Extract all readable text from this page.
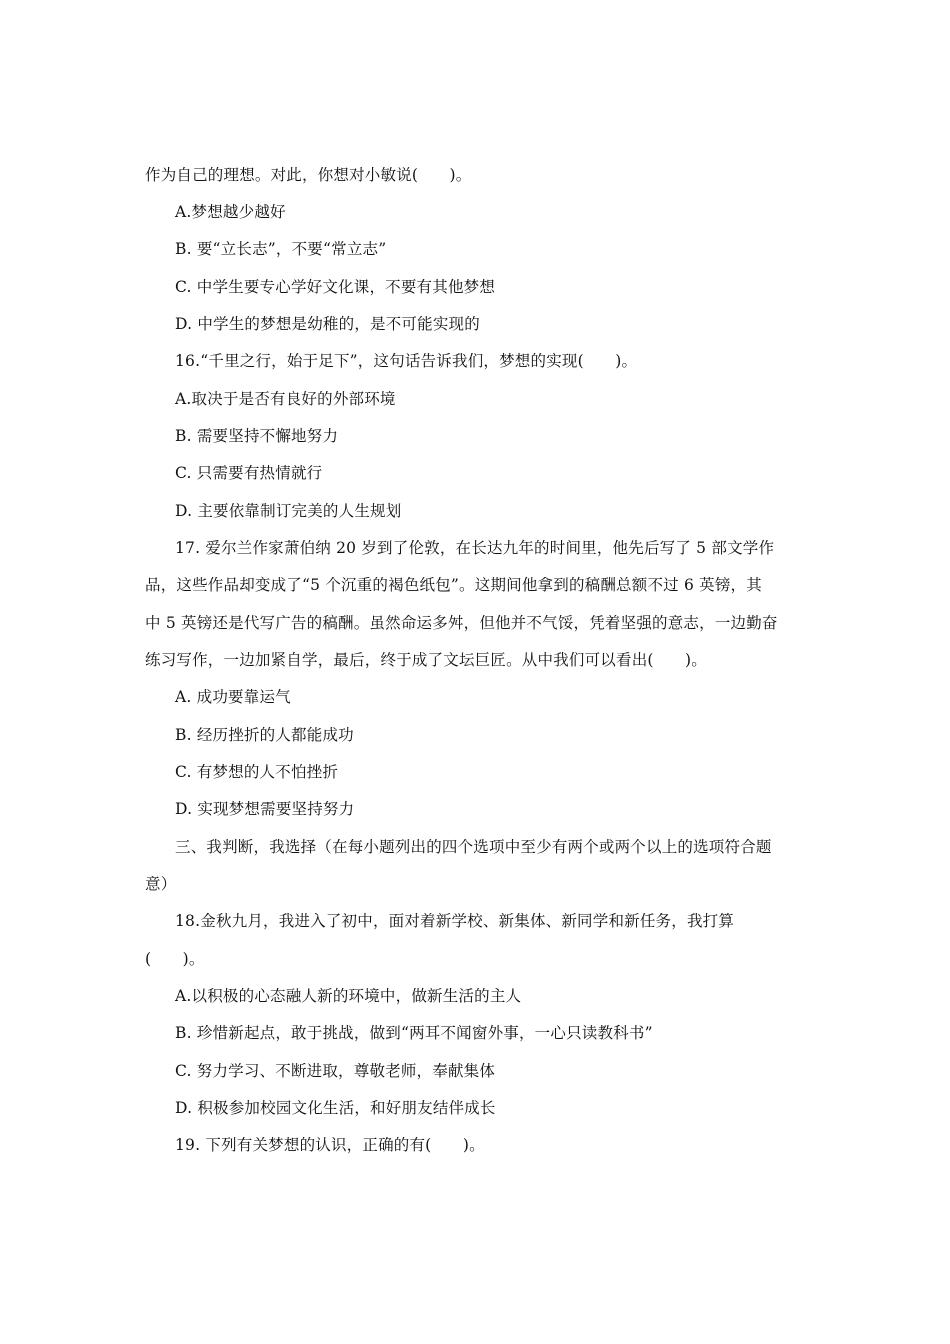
作为自己的理想。对此，你想对小敏说(　　)。
A.梦想越少越好
B. 要“立长志”，不要“常立志”
C. 中学生要专心学好文化课，不要有其他梦想
D. 中学生的梦想是幼稚的，是不可能实现的
16.“千里之行，始于足下”，这句话告诉我们，梦想的实现(　　)。
A.取决于是否有良好的外部环境
B. 需要坚持不懈地努力
C. 只需要有热情就行
D. 主要依靠制订完美的人生规划
17. 爱尔兰作家萧伯纳 20 岁到了伦敦，在长达九年的时间里，他先后写了 5 部文学作
品，这些作品却变成了“5 个沉重的褐色纸包”。这期间他拿到的稿酬总额不过 6 英镑，其
中 5 英镑还是代写广告的稿酬。虽然命运多舛，但他并不气馁，凭着坚强的意志，一边勤奋
练习写作，一边加紧自学，最后，终于成了文坛巨匠。从中我们可以看出(　　)。
A. 成功要靠运气
B. 经历挫折的人都能成功
C. 有梦想的人不怕挫折
D. 实现梦想需要坚持努力
三、我判断，我选择（在每小题列出的四个选项中至少有两个或两个以上的选项符合题
意）
18.金秋九月，我进入了初中，面对着新学校、新集体、新同学和新任务，我打算
(　　)。
A.以积极的心态融人新的环境中，做新生活的主人
B. 珍惜新起点，敢于挑战，做到“两耳不闻窗外事，一心只读教科书”
C. 努力学习、不断进取，尊敬老师，奉献集体
D. 积极参加校园文化生活，和好朋友结伴成长
19. 下列有关梦想的认识，正确的有(　　)。
